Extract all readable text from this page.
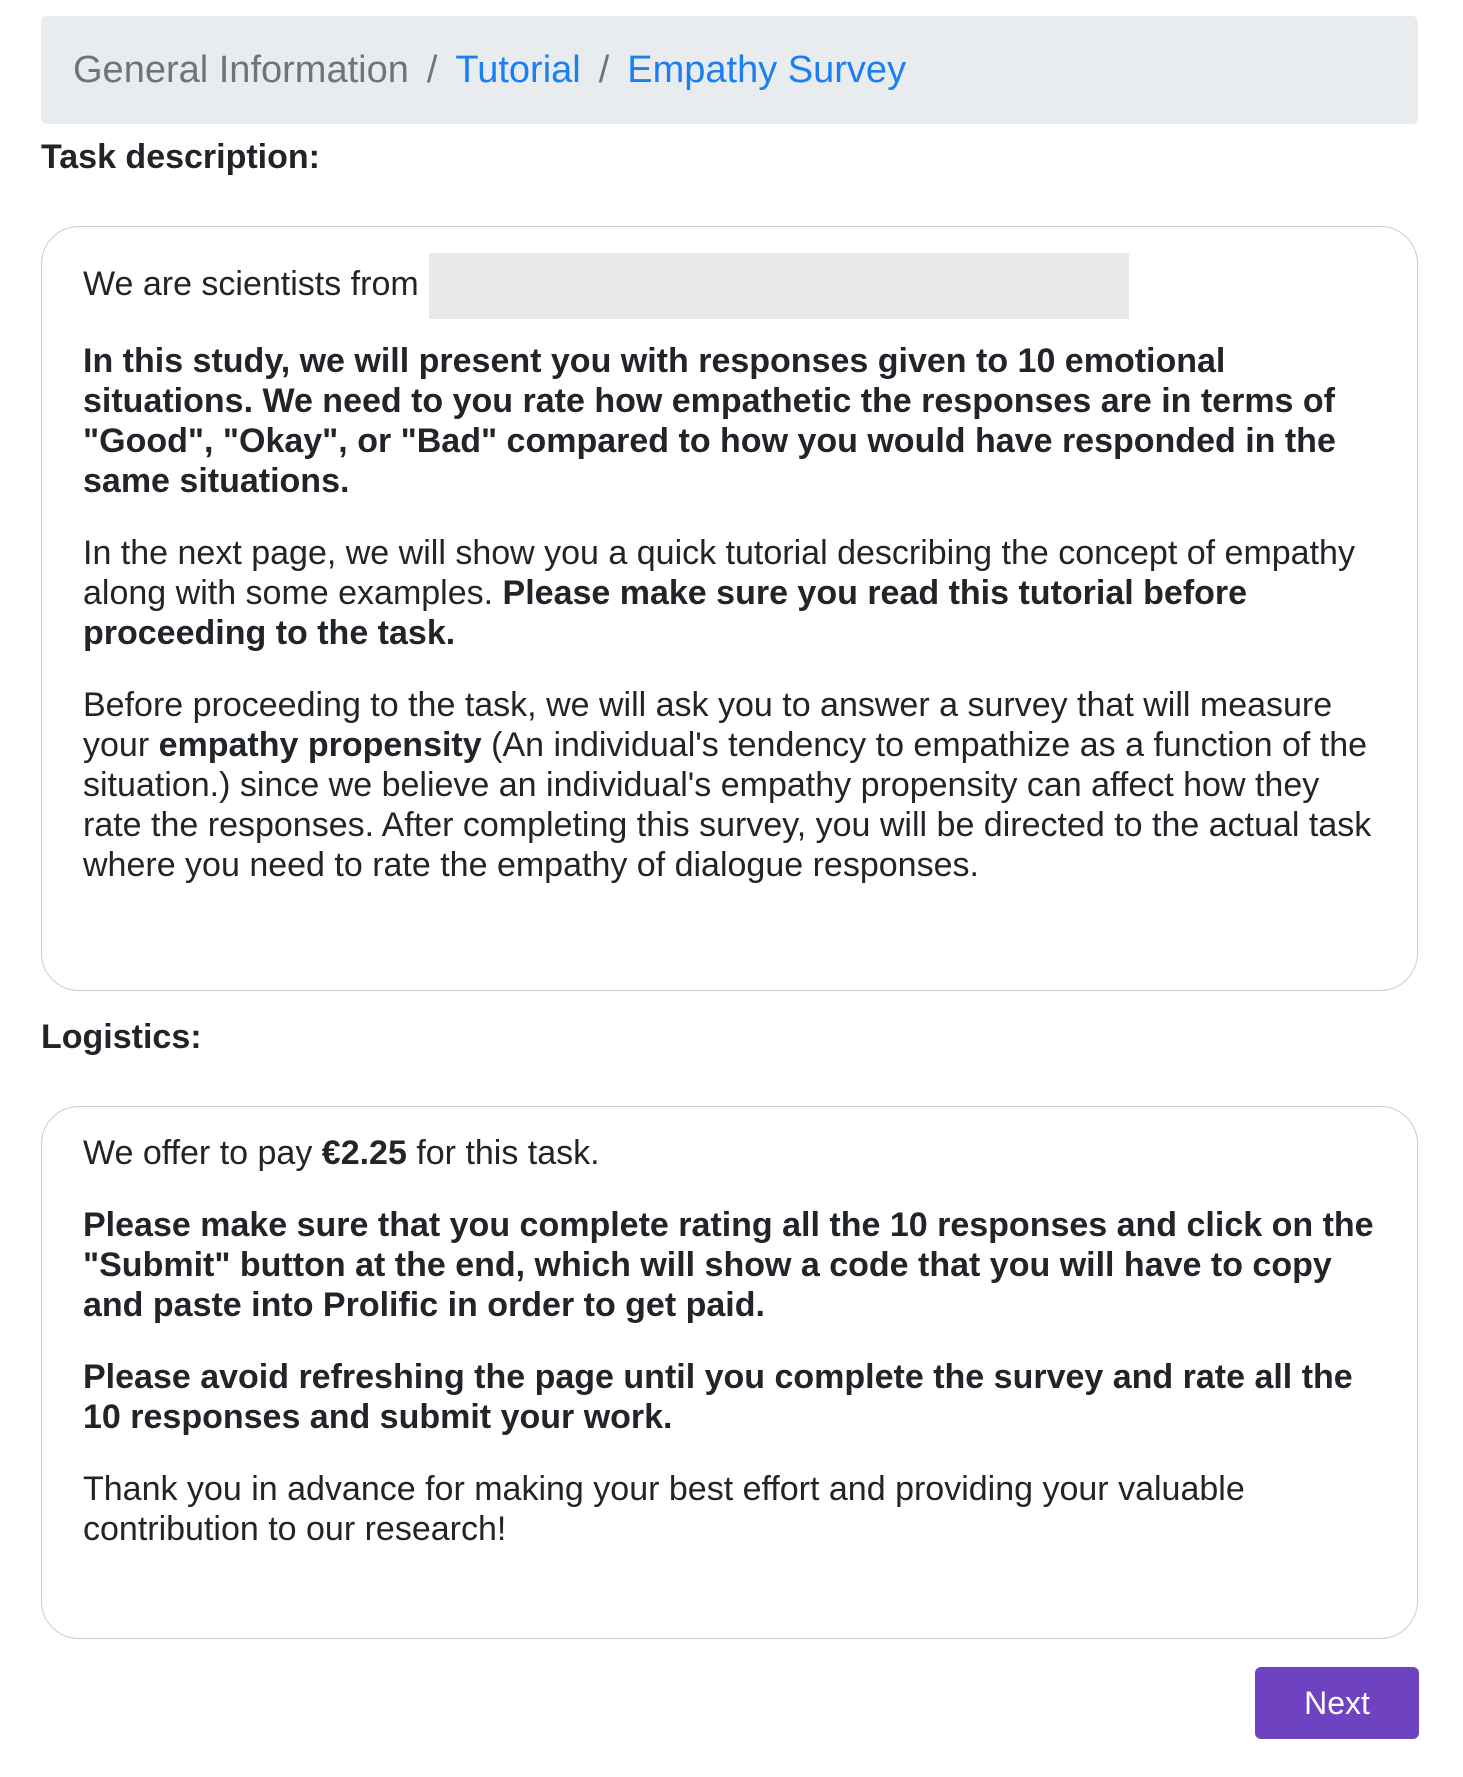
General Information / Tutorial / Empathy Survey
Task description:

We are scientists from

In this study, we will present you with responses given to 10 emotional situations. We need to you rate how empathetic the responses are in terms of "Good", "Okay", or "Bad" compared to how you would have responded in the same situations.

In the next page, we will show you a quick tutorial describing the concept of empathy along with some examples. Please make sure you read this tutorial before proceeding to the task.

Before proceeding to the task, we will ask you to answer a survey that will measure your empathy propensity (An individual's tendency to empathize as a function of the situation.) since we believe an individual's empathy propensity can affect how they rate the responses. After completing this survey, you will be directed to the actual task where you need to rate the empathy of dialogue responses.

Logistics:

We offer to pay €2.25 for this task.

Please make sure that you complete rating all the 10 responses and click on the "Submit" button at the end, which will show a code that you will have to copy and paste into Prolific in order to get paid.

Please avoid refreshing the page until you complete the survey and rate all the 10 responses and submit your work.

Thank you in advance for making your best effort and providing your valuable contribution to our research!

Next
